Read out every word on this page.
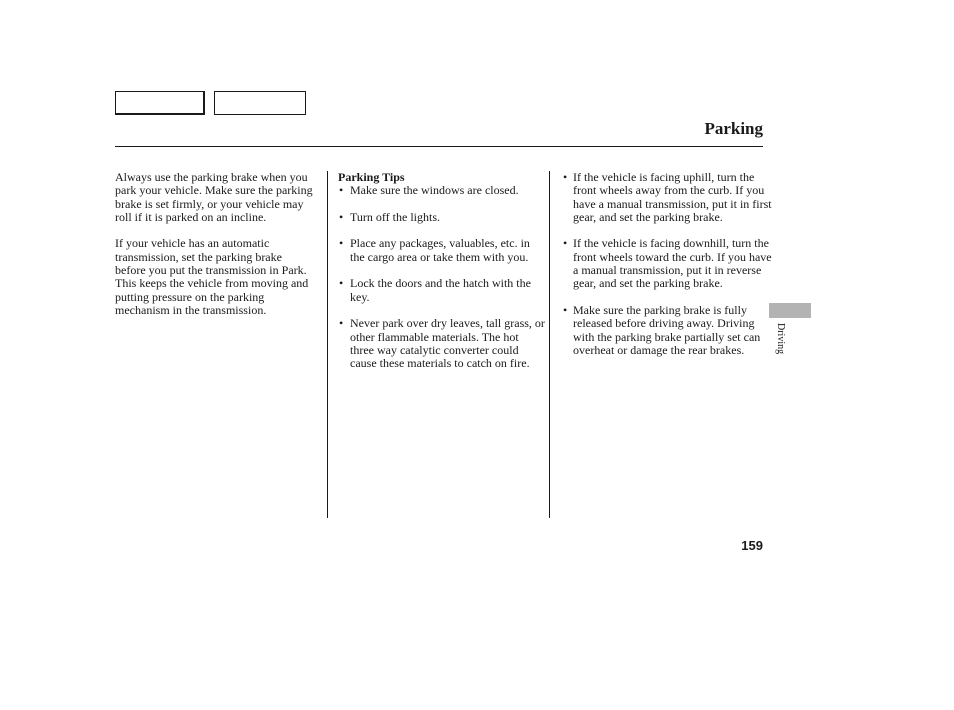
Parking

Always use the parking brake when you park your vehicle. Make sure the parking brake is set firmly, or your vehicle may roll if it is parked on an incline.

If your vehicle has an automatic transmission, set the parking brake before you put the transmission in Park. This keeps the vehicle from moving and putting pressure on the parking mechanism in the transmission.

Parking Tips
• Make sure the windows are closed.
• Turn off the lights.
• Place any packages, valuables, etc. in the cargo area or take them with you.
• Lock the doors and the hatch with the key.
• Never park over dry leaves, tall grass, or other flammable materials. The hot three way catalytic converter could cause these materials to catch on fire.
• If the vehicle is facing uphill, turn the front wheels away from the curb. If you have a manual transmission, put it in first gear, and set the parking brake.
• If the vehicle is facing downhill, turn the front wheels toward the curb. If you have a manual transmission, put it in reverse gear, and set the parking brake.
• Make sure the parking brake is fully released before driving away. Driving with the parking brake partially set can overheat or damage the rear brakes.	Driving
159
